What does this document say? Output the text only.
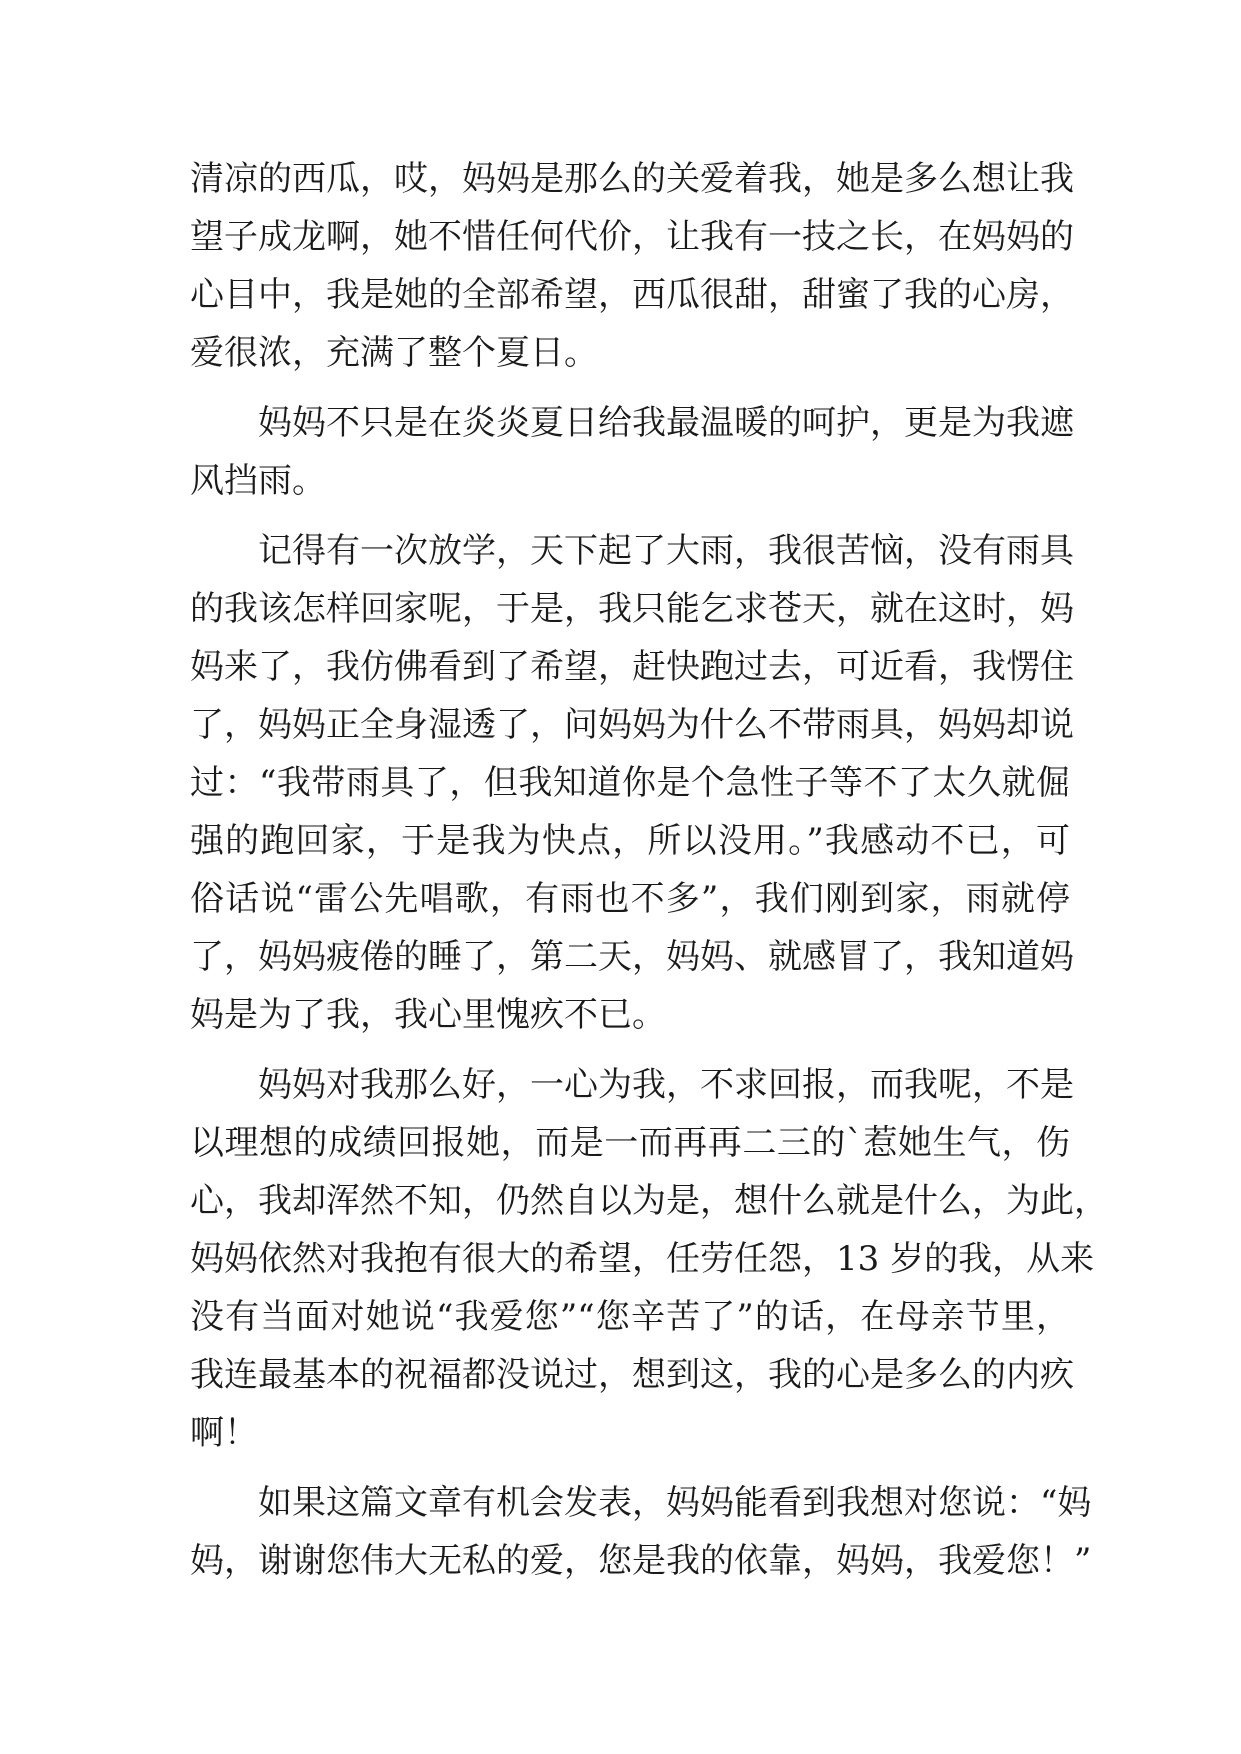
清凉的西瓜，哎，妈妈是那么的关爱着我，她是多么想让我
望子成龙啊，她不惜任何代价，让我有一技之长，在妈妈的
心目中，我是她的全部希望，西瓜很甜，甜蜜了我的心房，
爱很浓，充满了整个夏日。
妈妈不只是在炎炎夏日给我最温暖的呵护，更是为我遮
风挡雨。
记得有一次放学，天下起了大雨，我很苦恼，没有雨具
的我该怎样回家呢，于是，我只能乞求苍天，就在这时，妈
妈来了，我仿佛看到了希望，赶快跑过去，可近看，我愣住
了，妈妈正全身湿透了，问妈妈为什么不带雨具，妈妈却说
过：“我带雨具了，但我知道你是个急性子等不了太久就倔
强的跑回家，于是我为快点，所以没用。”我感动不已，可
俗话说“雷公先唱歌，有雨也不多”，我们刚到家，雨就停
了，妈妈疲倦的睡了，第二天，妈妈、就感冒了，我知道妈
妈是为了我，我心里愧疚不已。
妈妈对我那么好，一心为我，不求回报，而我呢，不是
以理想的成绩回报她，而是一而再再二三的`惹她生气，伤
心，我却浑然不知，仍然自以为是，想什么就是什么，为此，
妈妈依然对我抱有很大的希望，任劳任怨，13 岁的我，从来
没有当面对她说“我爱您”“您辛苦了”的话，在母亲节里，
我连最基本的祝福都没说过，想到这，我的心是多么的内疚
啊！
如果这篇文章有机会发表，妈妈能看到我想对您说：“妈
妈，谢谢您伟大无私的爱，您是我的依靠，妈妈，我爱您！”
